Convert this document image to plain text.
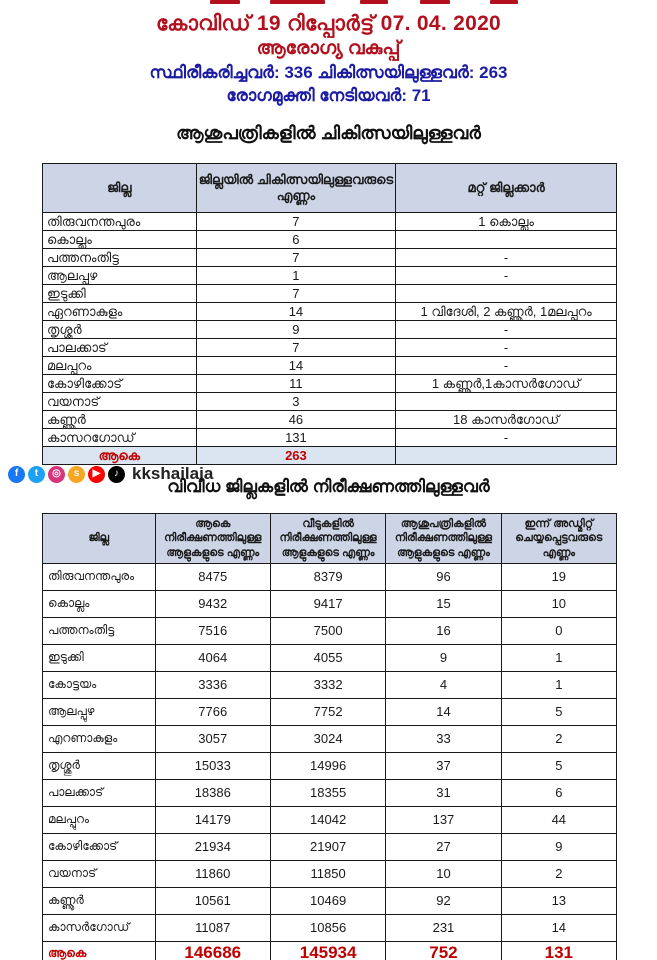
കോവിഡ് 19 റിപ്പോർട്ട് 07. 04. 2020
ആരോഗ്യ വകുപ്പ്
സ്ഥിരീകരിച്ചവർ: 336 ചികിത്സയിലുള്ളവർ: 263
രോഗമുക്തി നേടിയവർ: 71
ആശുപത്രികളിൽ ചികിത്സയിലുള്ളവർ
ജില്ല	ജില്ലയിൽ ചികിത്സയിലുള്ളവരുടെ എണ്ണം	മറ്റ് ജില്ലക്കാർ
തിരുവനന്തപുരം	7	1 കൊല്ലം
കൊല്ലം	6	
പത്തനംതിട്ട	7	-
ആലപ്പുഴ	1	-
ഇടുക്കി	7	
ഏറണാകുളം	14	1 വിദേശി, 2 കണ്ണൂർ, 1മലപ്പുറം
തൃശ്ശൂർ	9	-
പാലക്കാട്	7	-
മലപ്പുറം	14	-
കോഴിക്കോട്	11	1 കണ്ണൂർ,1കാസർഗോഡ്
വയനാട്	3	
കണ്ണൂർ	46	18 കാസർഗോഡ്
കാസറഗോഡ്	131	-
ആകെ	263	
f	t	◎	s	▶	♪ kkshailaja
വിവിധ ജില്ലകളിൽ നിരീക്ഷണത്തിലുള്ളവർ
ജില്ല	ആകെ നിരീക്ഷണത്തിലുള്ള ആളുകളുടെ എണ്ണം	വീടുകളിൽ നിരീക്ഷണത്തിലുള്ള ആളുകളുടെ എണ്ണം	ആശുപത്രികളിൽ നിരീക്ഷണത്തിലുള്ള ആളുകളുടെ എണ്ണം	ഇന്ന് അഡ്മിറ്റ് ചെയ്യപ്പെട്ടവരുടെ എണ്ണം
തിരുവനന്തപുരം	8475	8379	96	19
കൊല്ലം	9432	9417	15	10
പത്തനംതിട്ട	7516	7500	16	0
ഇടുക്കി	4064	4055	9	1
കോട്ടയം	3336	3332	4	1
ആലപ്പുഴ	7766	7752	14	5
എറണാകുളം	3057	3024	33	2
തൃശ്ശൂർ	15033	14996	37	5
പാലക്കാട്	18386	18355	31	6
മലപ്പുറം	14179	14042	137	44
കോഴിക്കോട്	21934	21907	27	9
വയനാട്	11860	11850	10	2
കണ്ണൂർ	10561	10469	92	13
കാസർഗോഡ്	11087	10856	231	14
ആകെ	146686	145934	752	131
